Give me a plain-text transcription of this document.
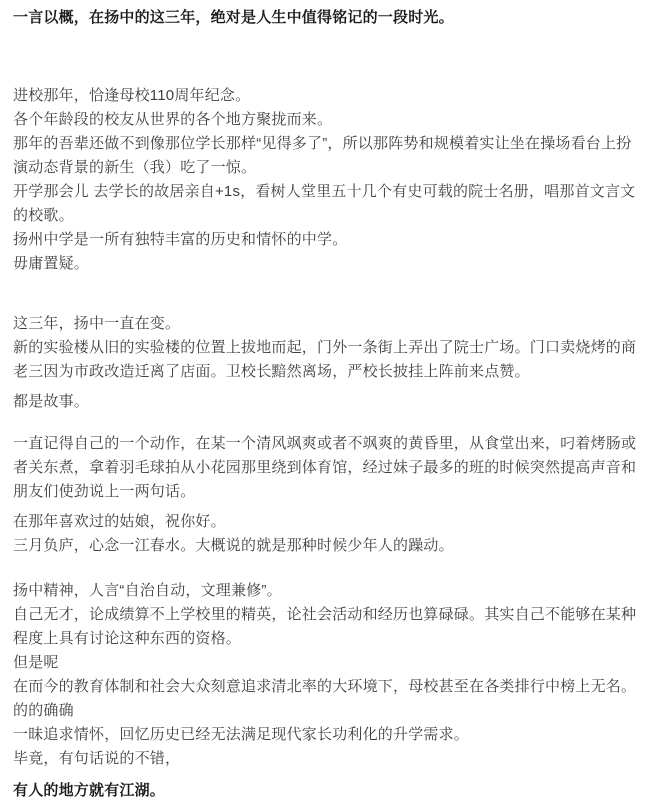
一言以概，在扬中的这三年，绝对是人生中值得铭记的一段时光。

进校那年，恰逢母校110周年纪念。

各个年龄段的校友从世界的各个地方聚拢而来。

那年的吾辈还做不到像那位学长那样“见得多了”，所以那阵势和规模着实让坐在操场看台上扮演动态背景的新生（我）吃了一惊。

开学那会儿 去学长的故居亲自+1s，看树人堂里五十几个有史可载的院士名册，唱那首文言文的校歌。

扬州中学是一所有独特丰富的历史和情怀的中学。

毋庸置疑。

这三年，扬中一直在变。

新的实验楼从旧的实验楼的位置上拔地而起，门外一条街上弄出了院士广场。门口卖烧烤的商老三因为市政改造迁离了店面。卫校长黯然离场，严校长披挂上阵前来点赞。

都是故事。

一直记得自己的一个动作，在某一个清风飒爽或者不飒爽的黄昏里，从食堂出来，叼着烤肠或者关东煮，拿着羽毛球拍从小花园那里绕到体育馆，经过妹子最多的班的时候突然提高声音和朋友们使劲说上一两句话。

在那年喜欢过的姑娘，祝你好。

三月负庐，心念一江春水。大概说的就是那种时候少年人的躁动。

扬中精神，人言“自治自动，文理兼修”。

自己无才，论成绩算不上学校里的精英，论社会活动和经历也算碌碌。其实自己不能够在某种程度上具有讨论这种东西的资格。

但是呢

在而今的教育体制和社会大众刻意追求清北率的大环境下，母校甚至在各类排行中榜上无名。

的的确确

一昧追求情怀，回忆历史已经无法满足现代家长功利化的升学需求。

毕竟，有句话说的不错，

有人的地方就有江湖。
